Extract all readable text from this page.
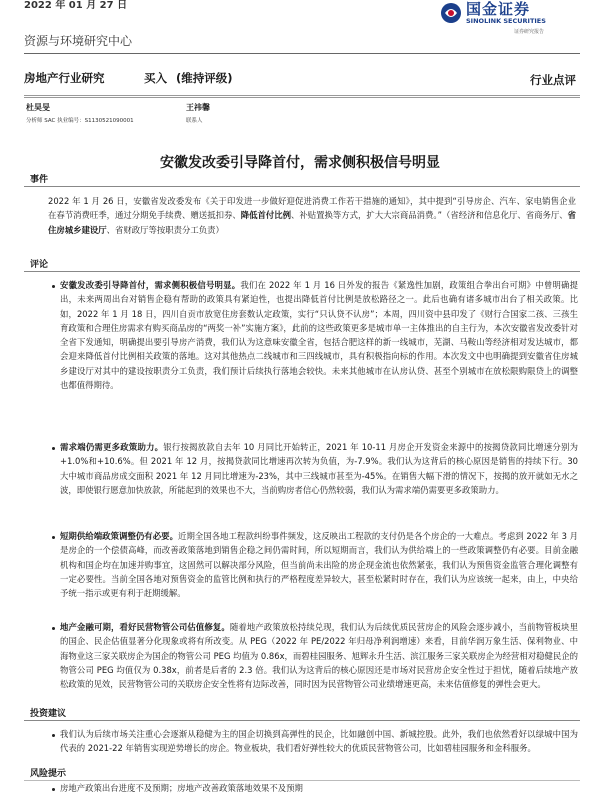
2022 年 01 月 27 日	国金证券
SINOLINK SECURITIES
证券研究报告
资源与环境研究中心
房地产行业研究	买入 (维持评级)	行业点评
杜昊旻
分析师 SAC 执业编号：S1130521090001
王祎馨
联系人
安徽发改委引导降首付，需求侧积极信号明显
事件
2022 年 1 月 26 日，安徽省发改委发布《关于印发进一步做好迎促进消费工作若干措施的通知》，其中提到“引导房企、汽车、家电销售企业在春节消费旺季，通过分期免手续费、赠送抵扣券、降低首付比例、补贴置换等方式，扩大大宗商品消费。”（省经济和信息化厅、省商务厅、省住房城乡建设厅、省财政厅等按职责分工负责）
评论
安徽发改委引导降首付，需求侧积极信号明显。我们在 2022 年 1 月 16 日外发的报告《紧逸性加剧，政策组合拳出台可期》中曾明确提出，未来两周出台对销售企稳有帮助的政策具有紧迫性，也提出降低首付比例是放松路径之一。此后也确有诸多城市出台了相关政策。比如，2022 年 1 月 18 日，四川自贡市放宽住房套数认定政策，实行“只认贷不认房”；本周，四川资中县印发了《财行合国家二孩、三孩生育政策和合理住房需求有购买商品房的“两奖一补”实施方案》，此前的这些政策更多是城市单一主体推出的自主行为，本次安徽省发改委针对全省下发通知，明确提出要引导房产消费，我们认为这意味安徽全省，包括合肥这样的新一线城市，芜湖、马鞍山等经济相对发达城市，都会迎来降低首付比例相关政策的落地。这对其他热点二线城市和三四线城市，具有积极指向标的作用。本次发文中也明确提到安徽省住房城乡建设厅对其中的建设按职责分工负责，我们预计后续执行落地会较快。未来其他城市在认房认贷、甚至个别城市在放松限购限贷上的调整也都值得期待。
需求端仍需更多政策助力。银行按揭放款自去年 10 月同比开始转正，2021 年 10-11 月房企开发资金来源中的按揭贷款同比增速分别为+1.0%和+10.6%。但 2021 年 12 月，按揭贷款同比增速再次转为负值，为-7.9%。我们认为这背后的核心原因是销售的持续下行。30 大中城市商品房成交面积 2021 年 12 月同比增速为-23%，其中三线城市甚至为-45%。在销售大幅下滑的情况下，按揭的放开就如无水之波，即使银行愿意加快放款，所能起到的效果也不大，当前购房者信心仍然较弱，我们认为需求端仍需要更多政策助力。
短期供给端政策调整仍有必要。近期全国各地工程款纠纷事件频发，这反映出工程款的支付仍是各个房企的一大难点。考虑到 2022 年 3 月是房企的一个偿债高峰，而改善政策落地到销售企稳之间仍需时间，所以短期而言，我们认为供给端上的一些政策调整仍有必要。目前金融机构和国企均在加速并购事宜，这固然可以解决部分风险，但当前尚未出险的房企现金流也依然紧张，我们认为预售资金监管合理化调整有一定必要性。当前全国各地对预售资金的监管比例和执行的严格程度差异较大，甚至松紧时时存在，我们认为应该统一起来，由上，中央给予统一指示或更有利于赶期缓解。
地产金融可期，看好民营物管公司估值修复。随着地产政策放松持续兑现，我们认为后续优质民营房企的风险会逐步减小，当前物管板块里的国企、民企估值显著分化现象或将有所改变。从 PEG（2022 年 PE/2022 年归母净利润增速）来看，目前华润万象生活、保利物业、中海物业这三家关联房企为国企的物管公司 PEG 均值为 0.86x，而碧桂园服务、旭辉永升生活、滨江服务三家关联房企为经营相对稳健民企的物管公司 PEG 均值仅为 0.38x，前者是后者的 2.3 倍。我们认为这背后的核心原因还是市场对民营房企安全性过于担忧，随着后续地产放松政策的见效，民营物管公司的关联房企安全性将有边际改善，同时因为民营物管公司业绩增速更高，未来估值修复的弹性会更大。
投资建议
我们认为后续市场关注重心会逐渐从稳健为主的国企切换到高弹性的民企，比如融创中国、新城控股。此外，我们也依然看好以绿城中国为代表的 2021-22 年销售实现逆势增长的房企。物业板块，我们看好弹性较大的优质民营物管公司，比如碧桂园服务和金科服务。
风险提示
房地产政策出台进度不及预期；房地产改善政策落地效果不及预期
